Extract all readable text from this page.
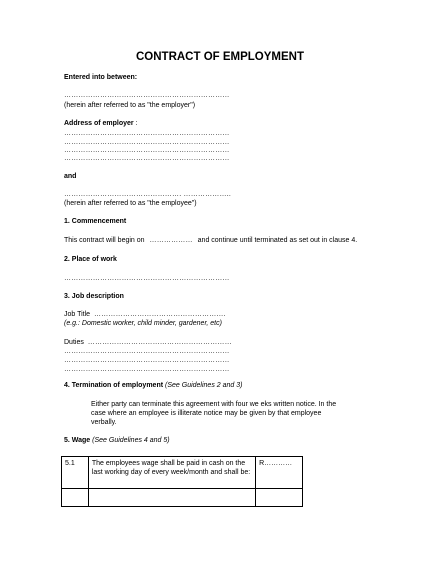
CONTRACT OF EMPLOYMENT
Entered into between:
……………………………………………………………
(herein after referred to as "the employer")
Address of employer :
……………………………………………………………
……………………………………………………………
……………………………………………………………
……………………………………………………………
and
…………………………………………. ………………..
(herein after referred to as "the employee")
1. Commencement
This contract will begin on ……………… and continue until terminated as set out in clause 4.
2. Place of work
……………………………………………………………
3. Job description
Job Title ……………………………………………….
(e.g.: Domestic worker, child minder, gardener, etc)
Duties ……………………………………………………
……………………………………………………………
……………………………………………………………
……………………………………………………………
4. Termination of employment (See Guidelines 2 and 3)
Either party can terminate this agreement with four we eks written notice. In the
case where an employee is illiterate notice may be given by that employee
verbally.
5. Wage (See Guidelines 4 and 5)
5.1	The employees wage shall be paid in cash on the last working day of every week/month and shall be:	R…………
